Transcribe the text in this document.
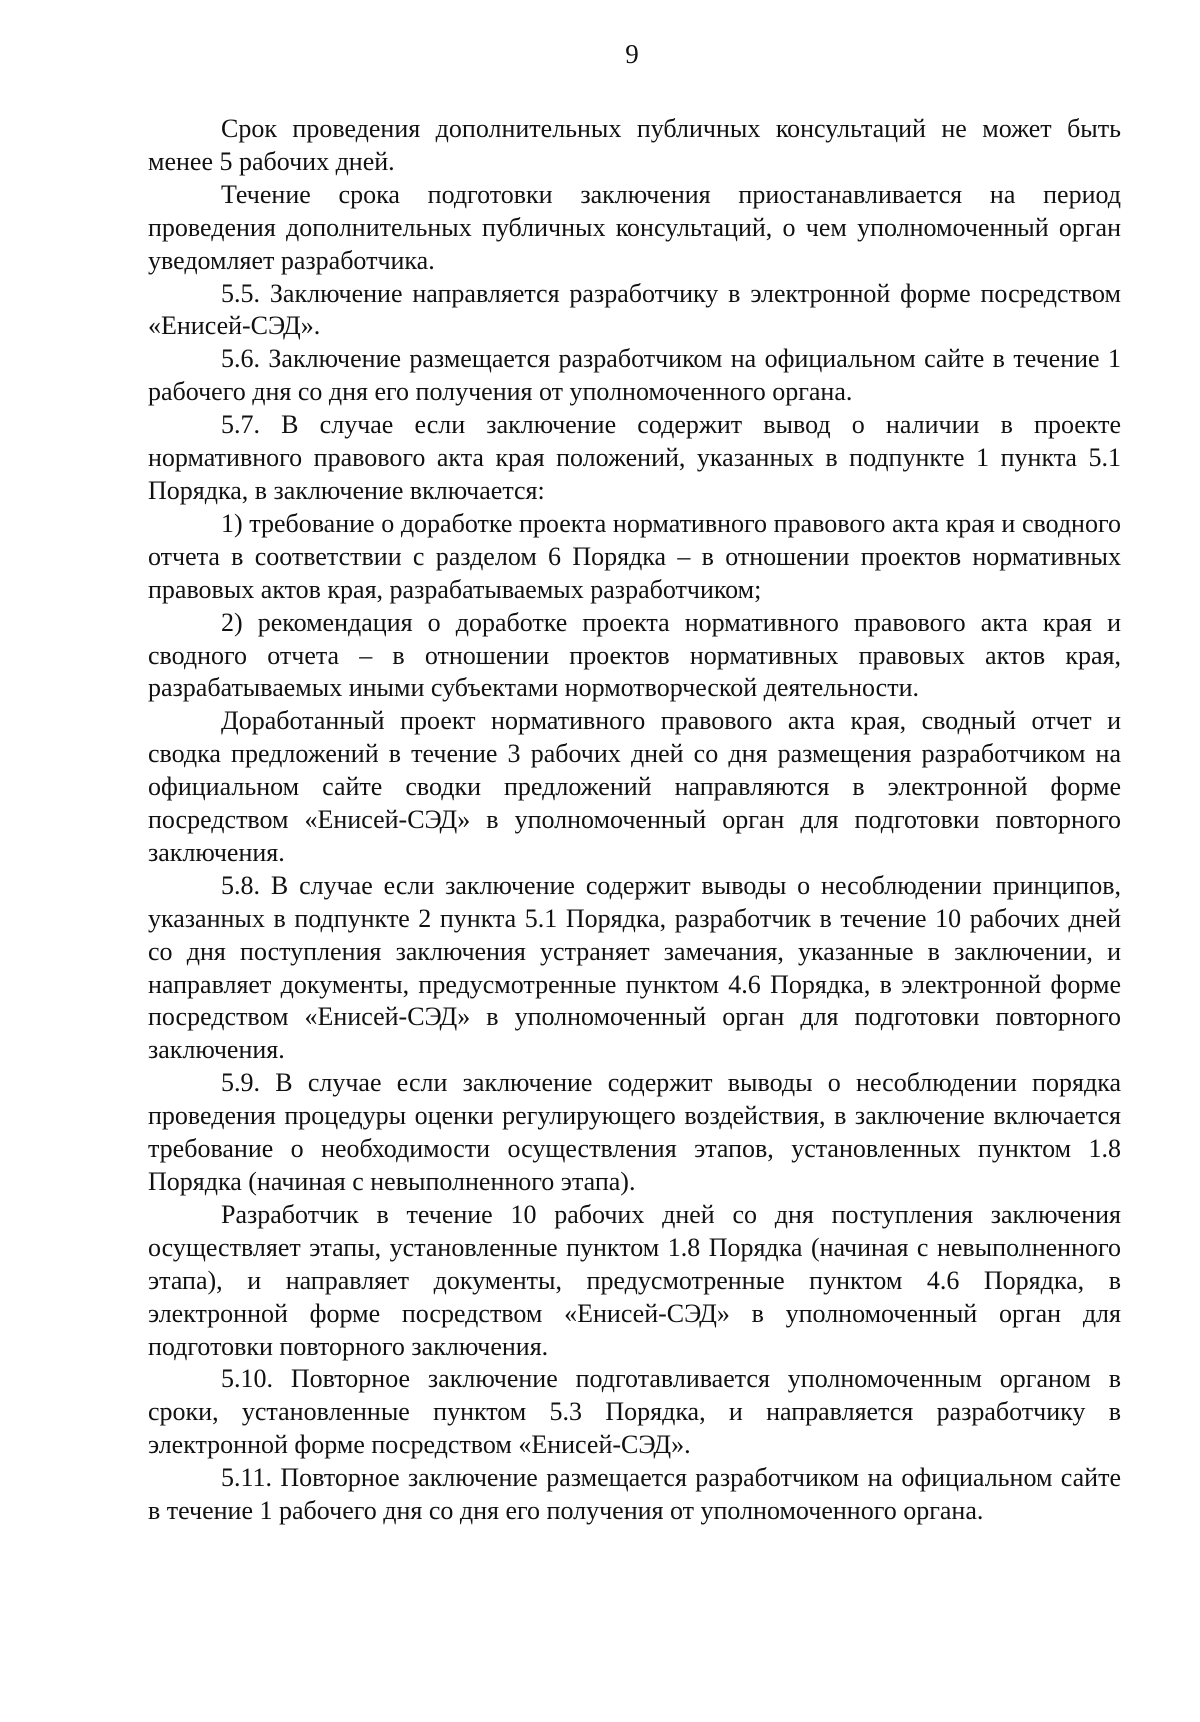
9

Срок проведения дополнительных публичных консультаций не может быть менее 5 рабочих дней.

Течение срока подготовки заключения приостанавливается на период проведения дополнительных публичных консультаций, о чем уполномоченный орган уведомляет разработчика.

5.5. Заключение направляется разработчику в электронной форме посредством «Енисей-СЭД».

5.6. Заключение размещается разработчиком на официальном сайте в течение 1 рабочего дня со дня его получения от уполномоченного органа.

5.7. В случае если заключение содержит вывод о наличии в проекте нормативного правового акта края положений, указанных в подпункте 1 пункта 5.1 Порядка, в заключение включается:

1) требование о доработке проекта нормативного правового акта края и сводного отчета в соответствии с разделом 6 Порядка – в отношении проектов нормативных правовых актов края, разрабатываемых разработчиком;

2) рекомендация о доработке проекта нормативного правового акта края и сводного отчета – в отношении проектов нормативных правовых актов края, разрабатываемых иными субъектами нормотворческой деятельности.

Доработанный проект нормативного правового акта края, сводный отчет и сводка предложений в течение 3 рабочих дней со дня размещения разработчиком на официальном сайте сводки предложений направляются в электронной форме посредством «Енисей-СЭД» в уполномоченный орган для подготовки повторного заключения.

5.8. В случае если заключение содержит выводы о несоблюдении принципов, указанных в подпункте 2 пункта 5.1 Порядка, разработчик в течение 10 рабочих дней со дня поступления заключения устраняет замечания, указанные в заключении, и направляет документы, предусмотренные пунктом 4.6 Порядка, в электронной форме посредством «Енисей-СЭД» в уполномоченный орган для подготовки повторного заключения.

5.9. В случае если заключение содержит выводы о несоблюдении порядка проведения процедуры оценки регулирующего воздействия, в заключение включается требование о необходимости осуществления этапов, установленных пунктом 1.8 Порядка (начиная с невыполненного этапа).

Разработчик в течение 10 рабочих дней со дня поступления заключения осуществляет этапы, установленные пунктом 1.8 Порядка (начиная с невыполненного этапа), и направляет документы, предусмотренные пунктом 4.6 Порядка, в электронной форме посредством «Енисей-СЭД» в уполномоченный орган для подготовки повторного заключения.

5.10. Повторное заключение подготавливается уполномоченным органом в сроки, установленные пунктом 5.3 Порядка, и направляется разработчику в электронной форме посредством «Енисей-СЭД».

5.11. Повторное заключение размещается разработчиком на официальном сайте в течение 1 рабочего дня со дня его получения от уполномоченного органа.
